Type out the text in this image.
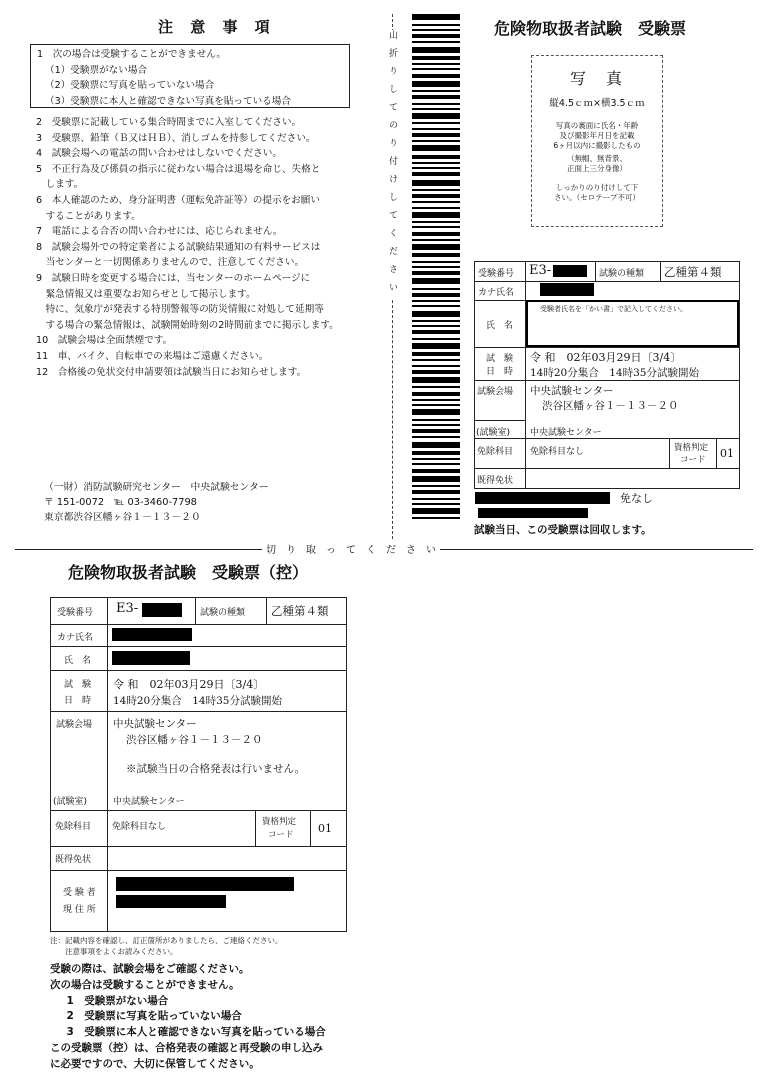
注 意 事 項
1　次の場合は受験することができません。
（1）受験票がない場合
（2）受験票に写真を貼っていない場合
（3）受験票に本人と確認できない写真を貼っている場合
2　受験票に記載している集合時間までに入室してください。
3　受験票、鉛筆（Ｂ又はＨＢ）、消しゴムを持参してください。
4　試験会場への電話の問い合わせはしないでください。
5　不正行為及び係員の指示に従わない場合は退場を命じ、失格と
　します。
6　本人確認のため、身分証明書（運転免許証等）の提示をお願い
　することがあります。
7　電話による合否の問い合わせには、応じられません。
8　試験会場外での特定業者による試験結果通知の有料サービスは
　当センターと一切関係ありませんので、注意してください。
9　試験日時を変更する場合には、当センターのホームページに
　緊急情報又は重要なお知らせとして掲示します。
　特に、気象庁が発表する特別警報等の防災情報に対処して延期等
　する場合の緊急情報は、試験開始時刻の2時間前までに掲示します。
10　試験会場は全面禁煙です。
11　車、バイク、自転車での来場はご遠慮ください。
12　合格後の免状交付申請要領は試験当日にお知らせします。
（一財）消防試験研究センター　中央試験センター
〒 151-0072　℡ 03-3460-7798
東京都渋谷区幡ヶ谷１－１３－２０
山折りしてのり付けしてください
危険物取扱者試験　受験票
写　真
縦4.5ｃｍ×横3.5ｃｍ
写真の裏面に氏名・年齢
及び撮影年月日を記載
6ヶ月以内に撮影したもの
（無帽、無背景、
正面上三分身像）
しっかりのり付けして下
さい。（セロテープ不可）
受験番号 E3-	試験の種類 乙種第４類
カナ氏名
氏　名
受験者氏名を「かい書」で記入してください。
試　験
日　時
令 和　02年03月29日〔3/4〕
14時20分集合　14時35分試験開始
試験会場 中央試験センター
渋谷区幡ヶ谷１－１３－２０
(試験室) 中央試験センター
免除科目 免除科目なし	資格判定
コード 01
既得免状
免なし
試験当日、この受験票は回収します。
切　り　取　っ　て　く　だ　さ　い
危険物取扱者試験　受験票（控）
受験番号 E3-	試験の種類 乙種第４類
カナ氏名
氏　名
試　験
日　時
令 和　02年03月29日〔3/4〕
14時20分集合　14時35分試験開始
試験会場 中央試験センター
渋谷区幡ヶ谷１－１３－２０
※試験当日の合格発表は行いません。
(試験室)	中央試験センター
免除科目 免除科目なし	資格判定
コード 01
既得免状
受 験 者
現 住 所
注：記載内容を確認し、訂正箇所がありましたら、ご連絡ください。
　　注意事項をよくお読みください。
受験の際は、試験会場をご確認ください。
次の場合は受験することができません。
　1　受験票がない場合
　2　受験票に写真を貼っていない場合
　3　受験票に本人と確認できない写真を貼っている場合
この受験票（控）は、合格発表の確認と再受験の申し込み
に必要ですので、大切に保管してください。
